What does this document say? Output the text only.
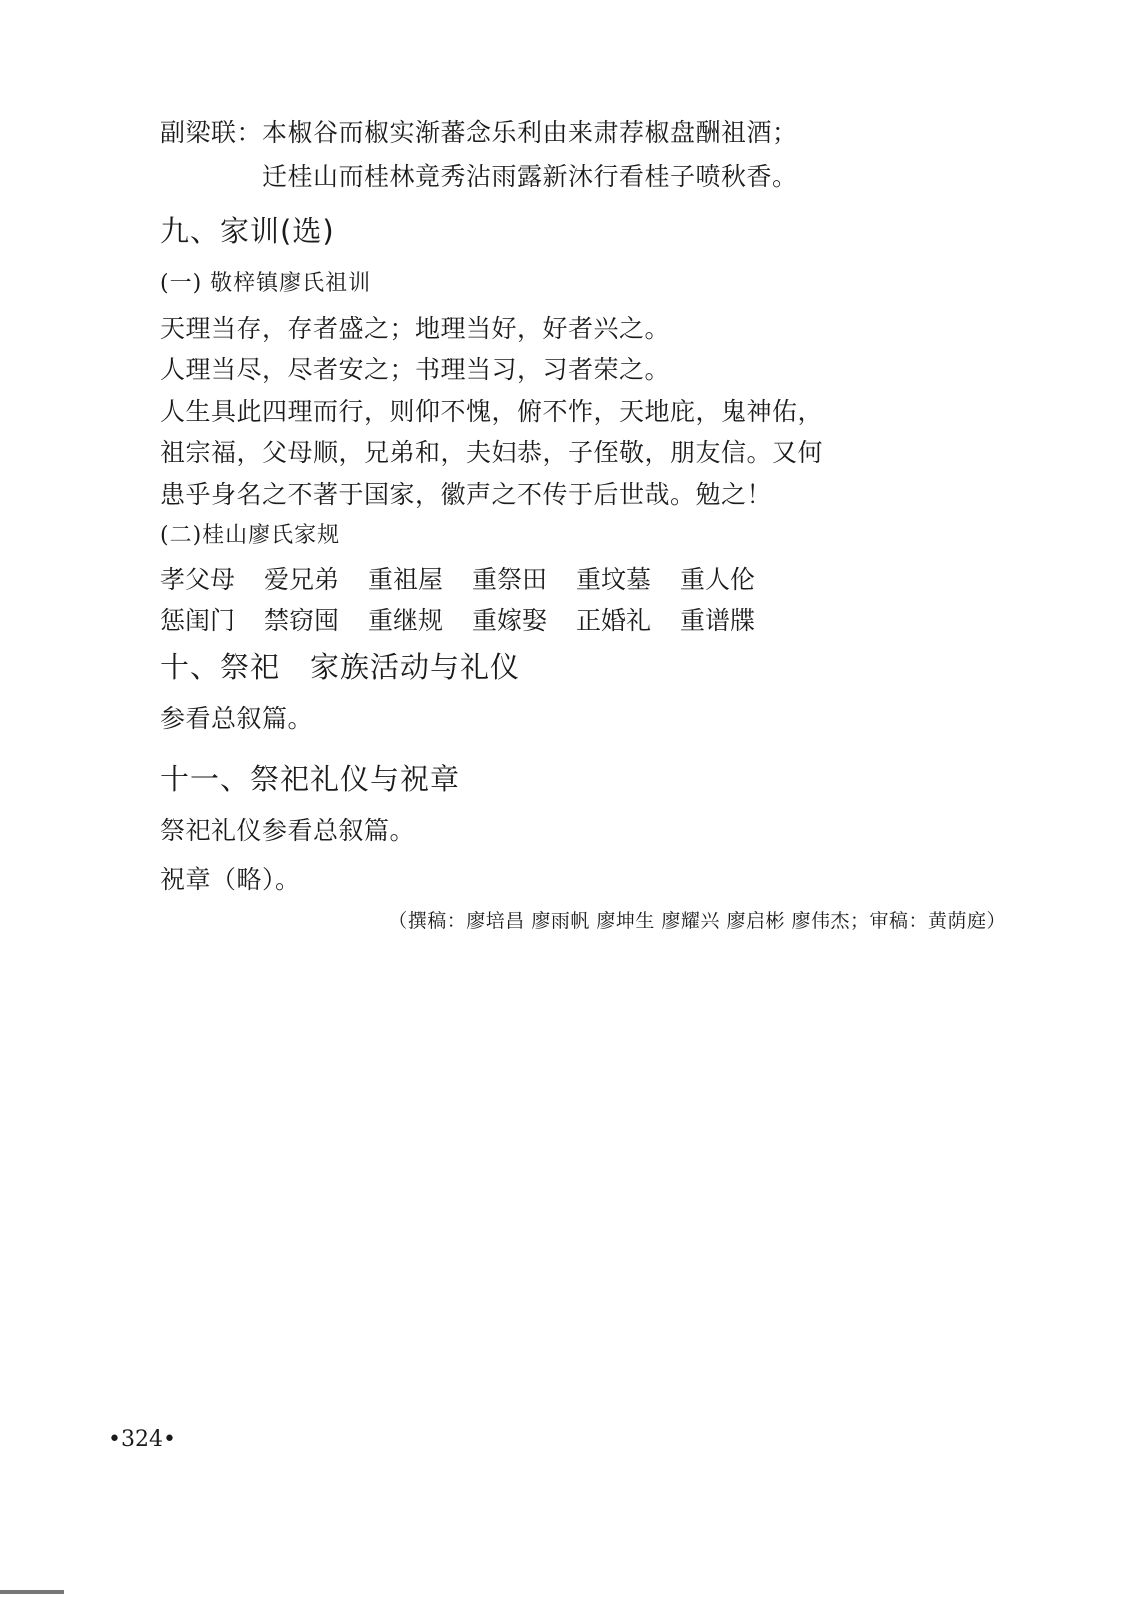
副梁联：本椒谷而椒实渐蕃念乐利由来肃荐椒盘酬祖酒；
迁桂山而桂林竟秀沾雨露新沐行看桂子喷秋香。
九、家训(选)
(一) 敬梓镇廖氏祖训
天理当存，存者盛之；地理当好，好者兴之。
人理当尽，尽者安之；书理当习，习者荣之。
人生具此四理而行，则仰不愧，俯不怍，天地庇，鬼神佑，
祖宗福，父母顺，兄弟和，夫妇恭，子侄敬，朋友信。又何
患乎身名之不著于国家，徽声之不传于后世哉。勉之！
(二)桂山廖氏家规
孝父母	爱兄弟	重祖屋	重祭田	重坟墓	重人伦
惩闺门	禁窃囤	重继规	重嫁娶	正婚礼	重谱牒
十、祭祀　家族活动与礼仪
参看总叙篇。
十一、祭祀礼仪与祝章
祭祀礼仪参看总叙篇。
祝章（略）。
（撰稿：廖培昌 廖雨帆 廖坤生 廖耀兴 廖启彬 廖伟杰；审稿：黄荫庭）
•324•
